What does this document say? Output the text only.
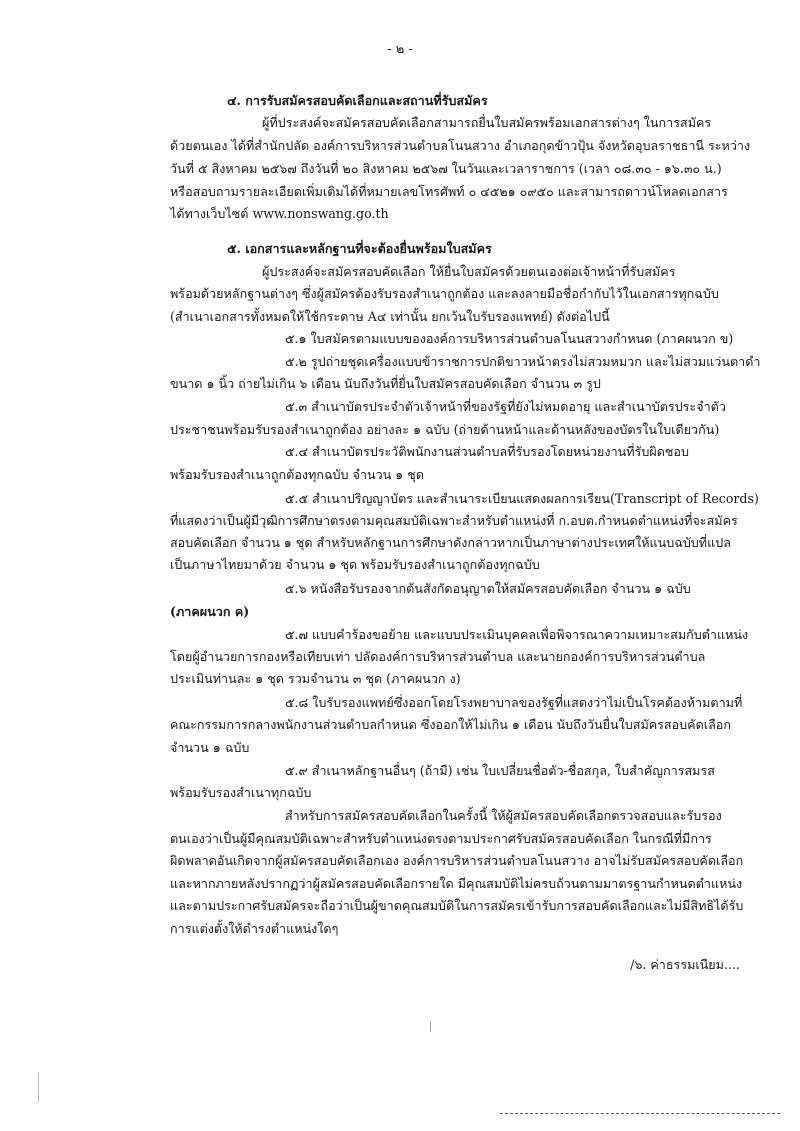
- ๒ -
๔. การรับสมัครสอบคัดเลือกและสถานที่รับสมัคร
ผู้ที่ประสงค์จะสมัครสอบคัดเลือกสามารถยื่นใบสมัครพร้อมเอกสารต่างๆ ในการสมัคร
ด้วยตนเอง ได้ที่สำนักปลัด องค์การบริหารส่วนตำบลโนนสวาง อำเภอกุดข้าวปุ้น จังหวัดอุบลราชธานี ระหว่าง
วันที่ ๕ สิงหาคม ๒๕๖๗ ถึงวันที่ ๒๐ สิงหาคม ๒๕๖๗ ในวันและเวลาราชการ (เวลา ๐๘.๓๐ - ๑๖.๓๐ น.)
หรือสอบถามรายละเอียดเพิ่มเติมได้ที่หมายเลขโทรศัพท์ ๐ ๔๕๒๑ ๐๙๕๐ และสามารถดาวน์โหลดเอกสาร
ได้ทางเว็บไซต์ www.nonswang.go.th
๕. เอกสารและหลักฐานที่จะต้องยื่นพร้อมใบสมัคร
ผู้ประสงค์จะสมัครสอบคัดเลือก ให้ยื่นใบสมัครด้วยตนเองต่อเจ้าหน้าที่รับสมัคร
พร้อมด้วยหลักฐานต่างๆ ซึ่งผู้สมัครต้องรับรองสำเนาถูกต้อง และลงลายมือชื่อกำกับไว้ในเอกสารทุกฉบับ
(สำเนาเอกสารทั้งหมดให้ใช้กระดาษ A๔ เท่านั้น ยกเว้นใบรับรองแพทย์) ดังต่อไปนี้
๕.๑ ใบสมัครตามแบบขององค์การบริหารส่วนตำบลโนนสวางกำหนด (ภาคผนวก ข)
๕.๒ รูปถ่ายชุดเครื่องแบบข้าราชการปกติขาวหน้าตรงไม่สวมหมวก และไม่สวมแว่นตาดำ
ขนาด ๑ นิ้ว ถ่ายไม่เกิน ๖ เดือน นับถึงวันที่ยื่นใบสมัครสอบคัดเลือก จำนวน ๓ รูป
๕.๓ สำเนาบัตรประจำตัวเจ้าหน้าที่ของรัฐที่ยังไม่หมดอายุ และสำเนาบัตรประจำตัว
ประชาชนพร้อมรับรองสำเนาถูกต้อง อย่างละ ๑ ฉบับ (ถ่ายด้านหน้าและด้านหลังของบัตรในใบเดียวกัน)
๕.๔ สำเนาบัตรประวัติพนักงานส่วนตำบลที่รับรองโดยหน่วยงานที่รับผิดชอบ
พร้อมรับรองสำเนาถูกต้องทุกฉบับ จำนวน ๑ ชุด
๕.๕ สำเนาปริญญาบัตร และสำเนาระเบียนแสดงผลการเรียน(Transcript of Records)
ที่แสดงว่าเป็นผู้มีวุฒิการศึกษาตรงตามคุณสมบัติเฉพาะสำหรับตำแหน่งที่ ก.อบต.กำหนดตำแหน่งที่จะสมัคร
สอบคัดเลือก จำนวน ๑ ชุด สำหรับหลักฐานการศึกษาดังกล่าวหากเป็นภาษาต่างประเทศให้แนบฉบับที่แปล
เป็นภาษาไทยมาด้วย จำนวน ๑ ชุด พร้อมรับรองสำเนาถูกต้องทุกฉบับ
๕.๖ หนังสือรับรองจากต้นสังกัดอนุญาตให้สมัครสอบคัดเลือก จำนวน ๑ ฉบับ
(ภาคผนวก ค)
๕.๗ แบบคำร้องขอย้าย และแบบประเมินบุคคลเพื่อพิจารณาความเหมาะสมกับตำแหน่ง
โดยผู้อำนวยการกองหรือเทียบเท่า ปลัดองค์การบริหารส่วนตำบล และนายกองค์การบริหารส่วนตำบล
ประเมินท่านละ ๑ ชุด รวมจำนวน ๓ ชุด (ภาคผนวก ง)
๕.๘ ใบรับรองแพทย์ซึ่งออกโดยโรงพยาบาลของรัฐที่แสดงว่าไม่เป็นโรคต้องห้ามตามที่
คณะกรรมการกลางพนักงานส่วนตำบลกำหนด ซึ่งออกให้ไม่เกิน ๑ เดือน นับถึงวันยื่นใบสมัครสอบคัดเลือก
จำนวน ๑ ฉบับ
๕.๙ สำเนาหลักฐานอื่นๆ (ถ้ามี) เช่น ใบเปลี่ยนชื่อตัว-ชื่อสกุล, ใบสำคัญการสมรส
พร้อมรับรองสำเนาทุกฉบับ
สำหรับการสมัครสอบคัดเลือกในครั้งนี้ ให้ผู้สมัครสอบคัดเลือกตรวจสอบและรับรอง
ตนเองว่าเป็นผู้มีคุณสมบัติเฉพาะสำหรับตำแหน่งตรงตามประกาศรับสมัครสอบคัดเลือก ในกรณีที่มีการ
ผิดพลาดอันเกิดจากผู้สมัครสอบคัดเลือกเอง องค์การบริหารส่วนตำบลโนนสวาง อาจไม่รับสมัครสอบคัดเลือก
และหากภายหลังปรากฏว่าผู้สมัครสอบคัดเลือกรายใด มีคุณสมบัติไม่ครบถ้วนตามมาตรฐานกำหนดตำแหน่ง
และตามประกาศรับสมัครจะถือว่าเป็นผู้ขาดคุณสมบัติในการสมัครเข้ารับการสอบคัดเลือกและไม่มีสิทธิได้รับ
การแต่งตั้งให้ดำรงตำแหน่งใดๆ
/๖. ค่าธรรมเนียม....
